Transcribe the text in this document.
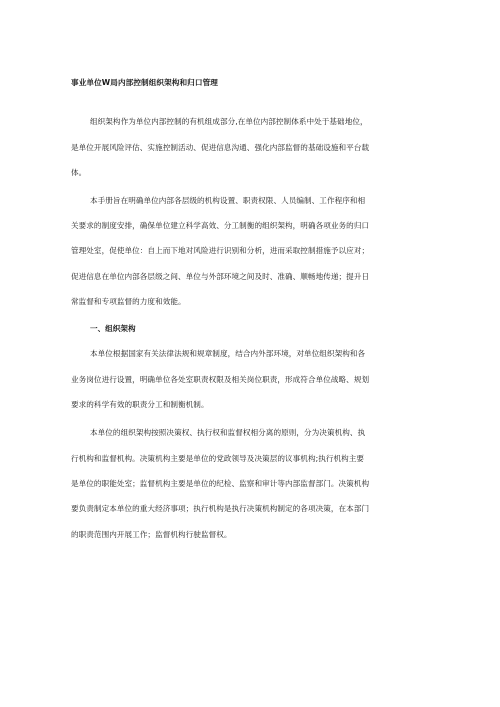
事业单位W局内部控制组织架构和归口管理
组织架构作为单位内部控制的有机组成部分,在单位内部控制体系中处于基础地位，
是单位开展风险评估、实施控制活动、促进信息沟通、强化内部监督的基础设施和平台载
体。
本手册旨在明确单位内部各层级的机构设置、职责权限、人员编制、工作程序和相
关要求的制度安排，确保单位建立科学高效、分工制衡的组织架构，明确各项业务的归口
管理处室，促使单位：自上而下地对风险进行识别和分析，进而采取控制措施予以应对；
促进信息在单位内部各层级之间、单位与外部环境之间及时、准确、顺畅地传递；提升日
常监督和专项监督的力度和效能。
一、组织架构
本单位根据国家有关法律法规和规章制度，结合内外部环境，对单位组织架构和各
业务岗位进行设置，明确单位各处室职责权限及相关岗位职责，形成符合单位战略、规划
要求的科学有效的职责分工和制衡机制。
本单位的组织架构按照决策权、执行权和监督权相分离的原则，分为决策机构、执
行机构和监督机构。决策机构主要是单位的党政领导及决策层的议事机构;执行机构主要
是单位的职能处室；监督机构主要是单位的纪检、监察和审计等内部监督部门。决策机构
要负责制定本单位的重大经济事项；执行机构是执行决策机构制定的各项决策，在本部门
的职责范围内开展工作；监督机构行驶监督权。
